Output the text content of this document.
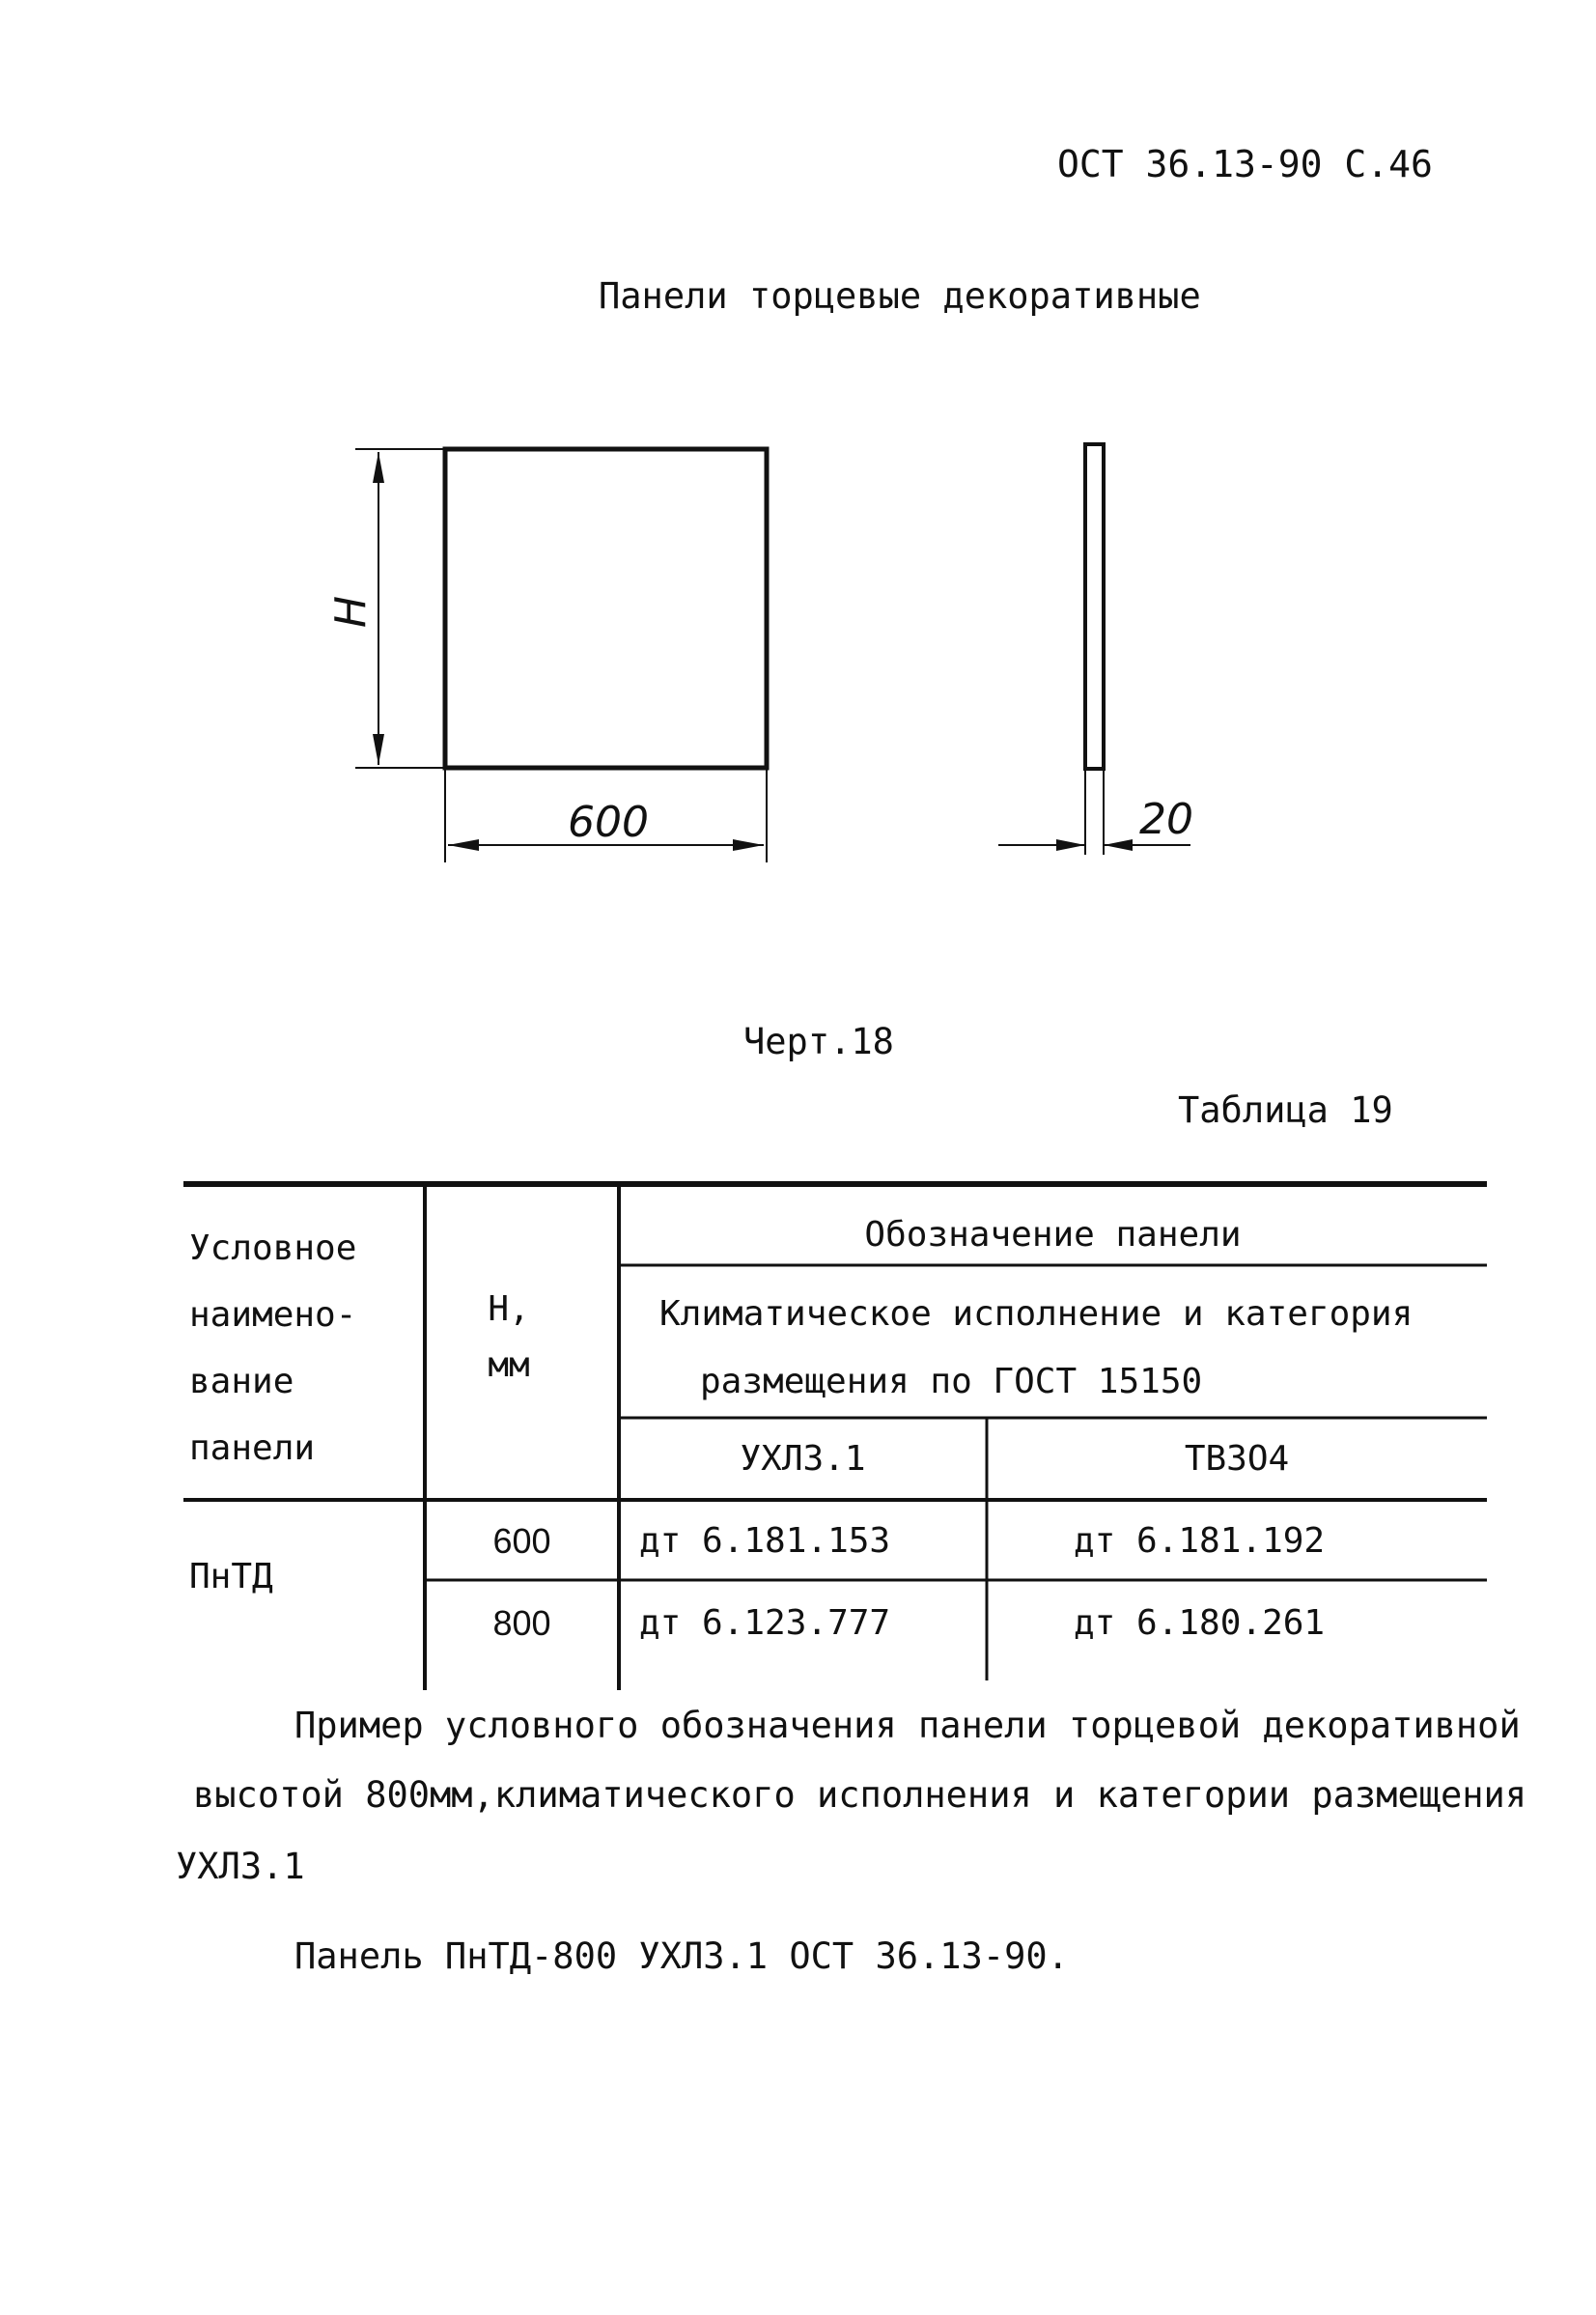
ОСТ 36.13-90 С.46
Панели торцевые декоративные
H
600	20
Черт.18
Таблица 19
Условное
наимено-
вание
панели
H,
мм
Обозначение панели
Климатическое исполнение и категория
размещения по ГОСТ 15150
УХЛ3.1	ТВ3О4
ПнТД
600	дт 6.181.153	дт 6.181.192
800	дт 6.123.777	дт 6.180.261
Пример условного обозначения панели торцевой декоративной
высотой 800мм,климатического исполнения и категории размещения
УХЛ3.1
Панель ПнТД-800 УХЛ3.1 ОСТ 36.13-90.
